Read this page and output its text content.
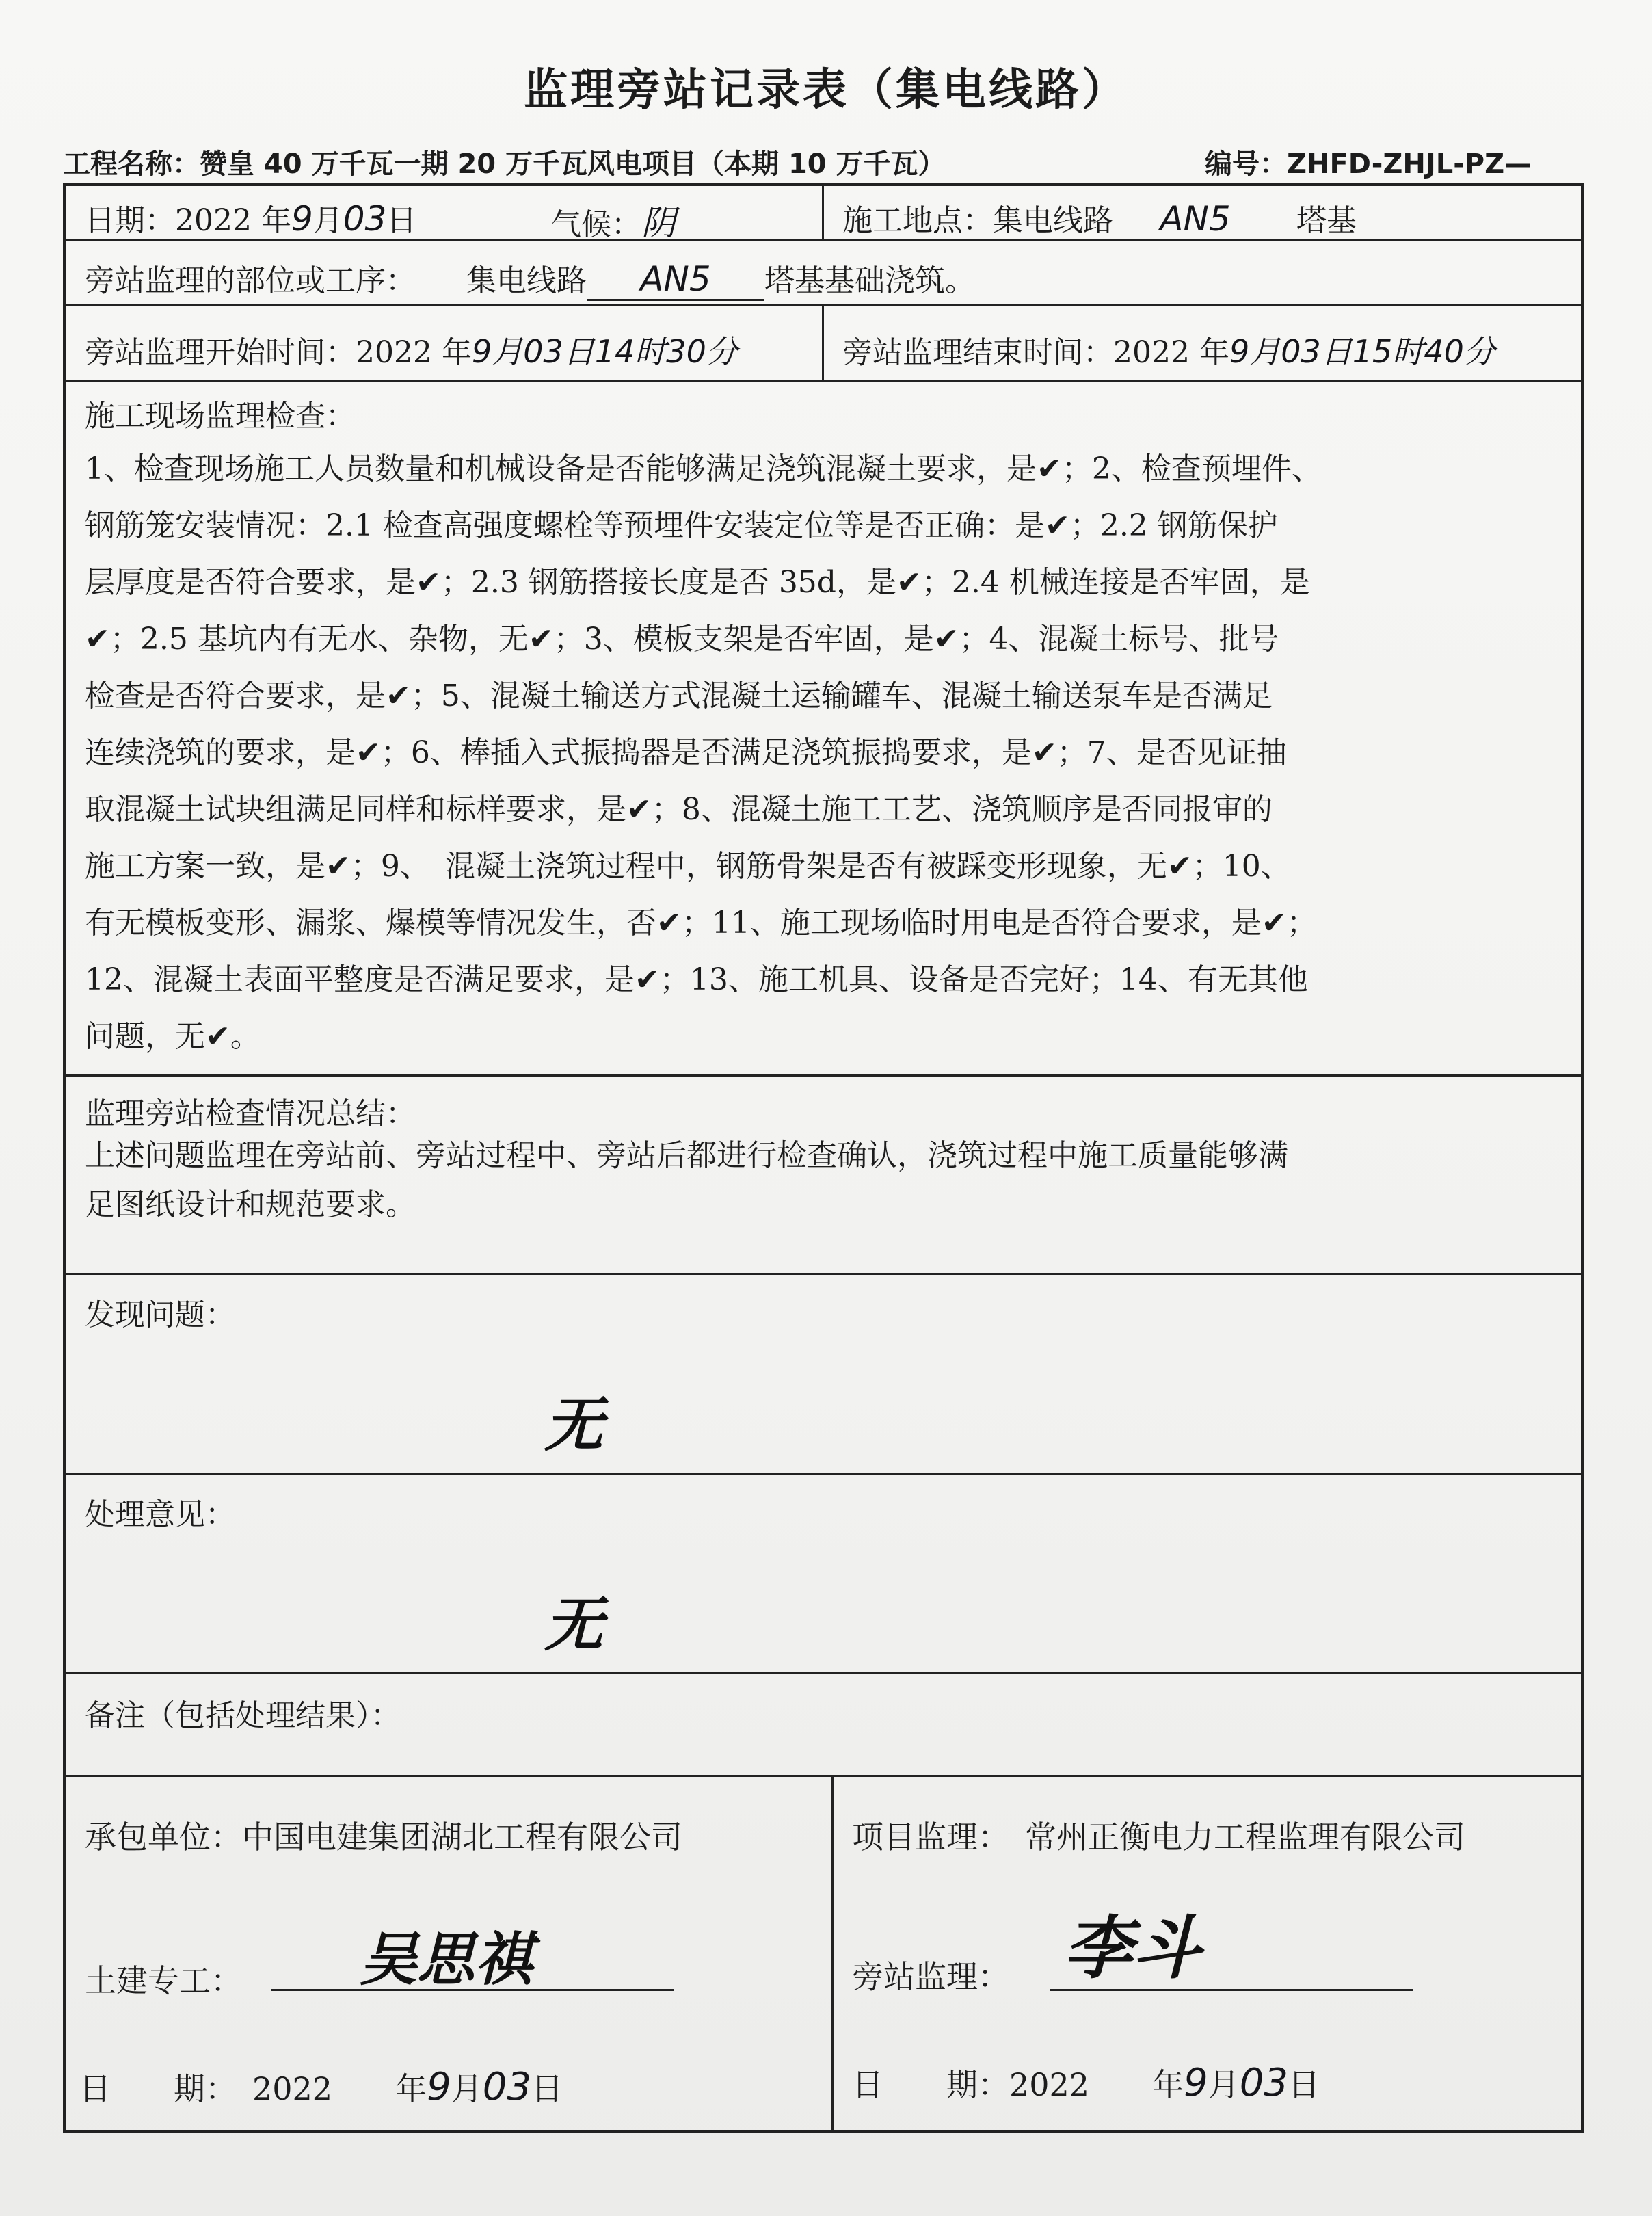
监理旁站记录表（集电线路）
工程名称：赞皇 40 万千瓦一期 20 万千瓦风电项目（本期 10 万千瓦）	编号：ZHFD-ZHJL-PZ—
日期：2022 年9月03日	气候：阴	施工地点：集电线路 AN5 塔基
旁站监理的部位或工序： 集电线路 AN5 塔基基础浇筑。
旁站监理开始时间：2022 年9月03日14时30分	旁站监理结束时间：2022 年9月03日15时40分
施工现场监理检查：
1、检查现场施工人员数量和机械设备是否能够满足浇筑混凝土要求，是✔；2、检查预埋件、
钢筋笼安装情况：2.1 检查高强度螺栓等预埋件安装定位等是否正确：是✔；2.2 钢筋保护
层厚度是否符合要求，是✔；2.3 钢筋搭接长度是否 35d，是✔；2.4 机械连接是否牢固，是
✔；2.5 基坑内有无水、杂物，无✔；3、模板支架是否牢固，是✔；4、混凝土标号、批号
检查是否符合要求，是✔；5、混凝土输送方式混凝土运输罐车、混凝土输送泵车是否满足
连续浇筑的要求，是✔；6、棒插入式振捣器是否满足浇筑振捣要求，是✔；7、是否见证抽
取混凝土试块组满足同样和标样要求，是✔；8、混凝土施工工艺、浇筑顺序是否同报审的
施工方案一致，是✔；9、　混凝土浇筑过程中，钢筋骨架是否有被踩变形现象，无✔；10、
有无模板变形、漏浆、爆模等情况发生，否✔；11、施工现场临时用电是否符合要求，是✔；
12、混凝土表面平整度是否满足要求，是✔；13、施工机具、设备是否完好；14、有无其他
问题，无✔。
监理旁站检查情况总结：
上述问题监理在旁站前、旁站过程中、旁站后都进行检查确认，浇筑过程中施工质量能够满
足图纸设计和规范要求。
发现问题：
无
处理意见：
无
备注（包括处理结果）：
承包单位：中国电建集团湖北工程有限公司
土建专工： 吴思祺
日　　期：　2022　　年9月03日
项目监理：　常州正衡电力工程监理有限公司
旁站监理： 李斗
日　　期：2022　　年9月03日
